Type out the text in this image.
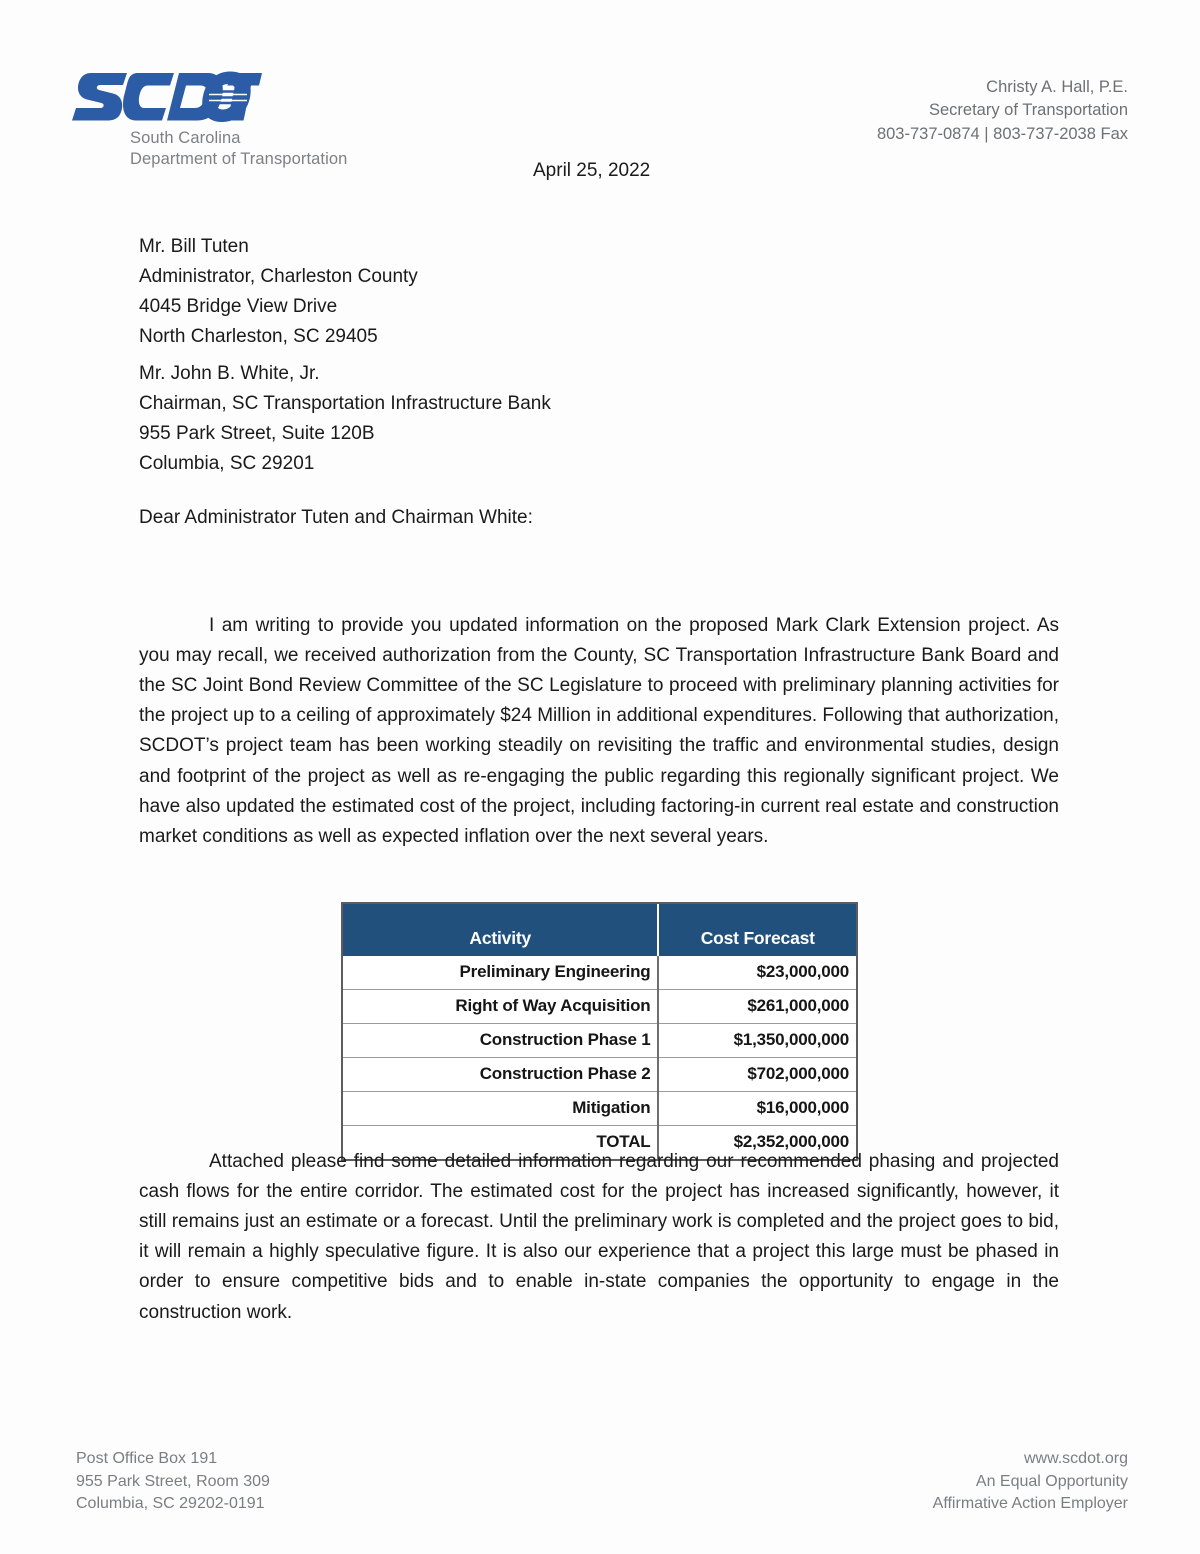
South Carolina
Department of Transportation
Christy A. Hall, P.E.
Secretary of Transportation
803-737-0874 | 803-737-2038 Fax
April 25, 2022
Mr. Bill Tuten
Administrator, Charleston County
4045 Bridge View Drive
North Charleston, SC 29405
Mr. John B. White, Jr.
Chairman, SC Transportation Infrastructure Bank
955 Park Street, Suite 120B
Columbia, SC 29201
Dear Administrator Tuten and Chairman White:

I am writing to provide you updated information on the proposed Mark Clark Extension project. As you may recall, we received authorization from the County, SC Transportation Infrastructure Bank Board and the SC Joint Bond Review Committee of the SC Legislature to proceed with preliminary planning activities for the project up to a ceiling of approximately $24 Million in additional expenditures. Following that authorization, SCDOT’s project team has been working steadily on revisiting the traffic and environmental studies, design and footprint of the project as well as re-engaging the public regarding this regionally significant project. We have also updated the estimated cost of the project, including factoring-in current real estate and construction market conditions as well as expected inflation over the next several years.

Activity	Cost Forecast
Preliminary Engineering	$23,000,000
Right of Way Acquisition	$261,000,000
Construction Phase 1	$1,350,000,000
Construction Phase 2	$702,000,000
Mitigation	$16,000,000
TOTAL	$2,352,000,000

Attached please find some detailed information regarding our recommended phasing and projected cash flows for the entire corridor. The estimated cost for the project has increased significantly, however, it still remains just an estimate or a forecast. Until the preliminary work is completed and the project goes to bid, it will remain a highly speculative figure. It is also our experience that a project this large must be phased in order to ensure competitive bids and to enable in-state companies the opportunity to engage in the construction work.

Post Office Box 191
955 Park Street, Room 309
Columbia, SC 29202-0191
www.scdot.org
An Equal Opportunity
Affirmative Action Employer
